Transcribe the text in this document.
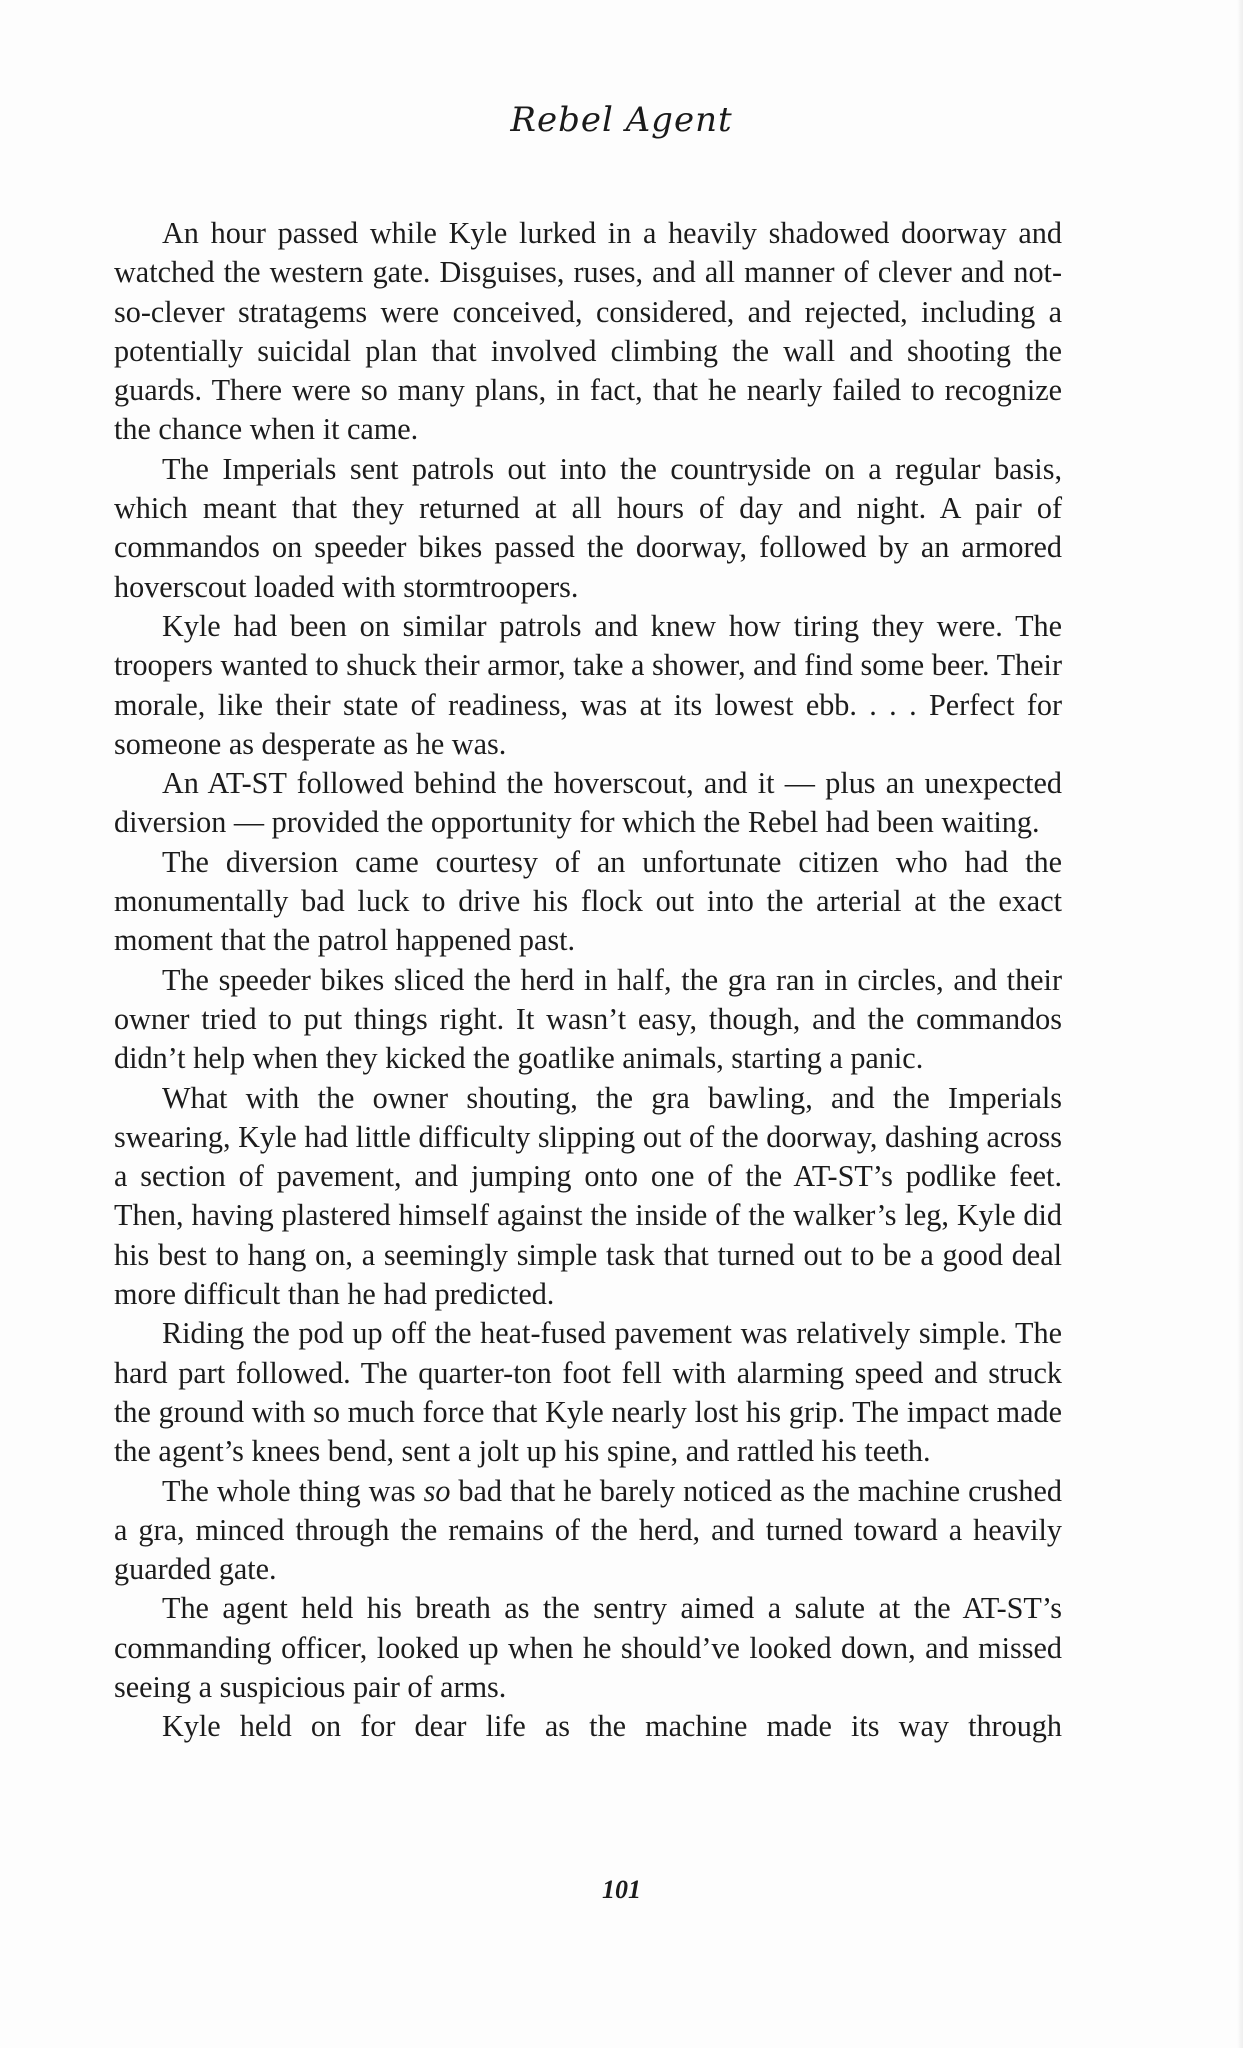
Rebel Agent

An hour passed while Kyle lurked in a heavily shadowed doorway and watched the western gate. Disguises, ruses, and all manner of clever and not-so-clever stratagems were conceived, considered, and rejected, including a potentially suicidal plan that involved climbing the wall and shooting the guards. There were so many plans, in fact, that he nearly failed to recognize the chance when it came.

The Imperials sent patrols out into the countryside on a regular basis, which meant that they returned at all hours of day and night. A pair of commandos on speeder bikes passed the doorway, followed by an armored hoverscout loaded with stormtroopers.

Kyle had been on similar patrols and knew how tiring they were. The troopers wanted to shuck their armor, take a shower, and find some beer. Their morale, like their state of readiness, was at its lowest ebb. . . . Perfect for someone as desperate as he was.

An AT-ST followed behind the hoverscout, and it — plus an unexpected diversion — provided the opportunity for which the Rebel had been waiting.

The diversion came courtesy of an unfortunate citizen who had the monumentally bad luck to drive his flock out into the arterial at the exact moment that the patrol happened past.

The speeder bikes sliced the herd in half, the gra ran in circles, and their owner tried to put things right. It wasn’t easy, though, and the commandos didn’t help when they kicked the goatlike animals, starting a panic.

What with the owner shouting, the gra bawling, and the Imperials swearing, Kyle had little difficulty slipping out of the doorway, dashing across a section of pavement, and jumping onto one of the AT-ST’s podlike feet. Then, having plastered himself against the inside of the walker’s leg, Kyle did his best to hang on, a seemingly simple task that turned out to be a good deal more difficult than he had predicted.

Riding the pod up off the heat-fused pavement was relatively simple. The hard part followed. The quarter-ton foot fell with alarming speed and struck the ground with so much force that Kyle nearly lost his grip. The impact made the agent’s knees bend, sent a jolt up his spine, and rattled his teeth.

The whole thing was so bad that he barely noticed as the machine crushed a gra, minced through the remains of the herd, and turned toward a heavily guarded gate.

The agent held his breath as the sentry aimed a salute at the AT-ST’s commanding officer, looked up when he should’ve looked down, and missed seeing a suspicious pair of arms.

Kyle held on for dear life as the machine made its way through

101
